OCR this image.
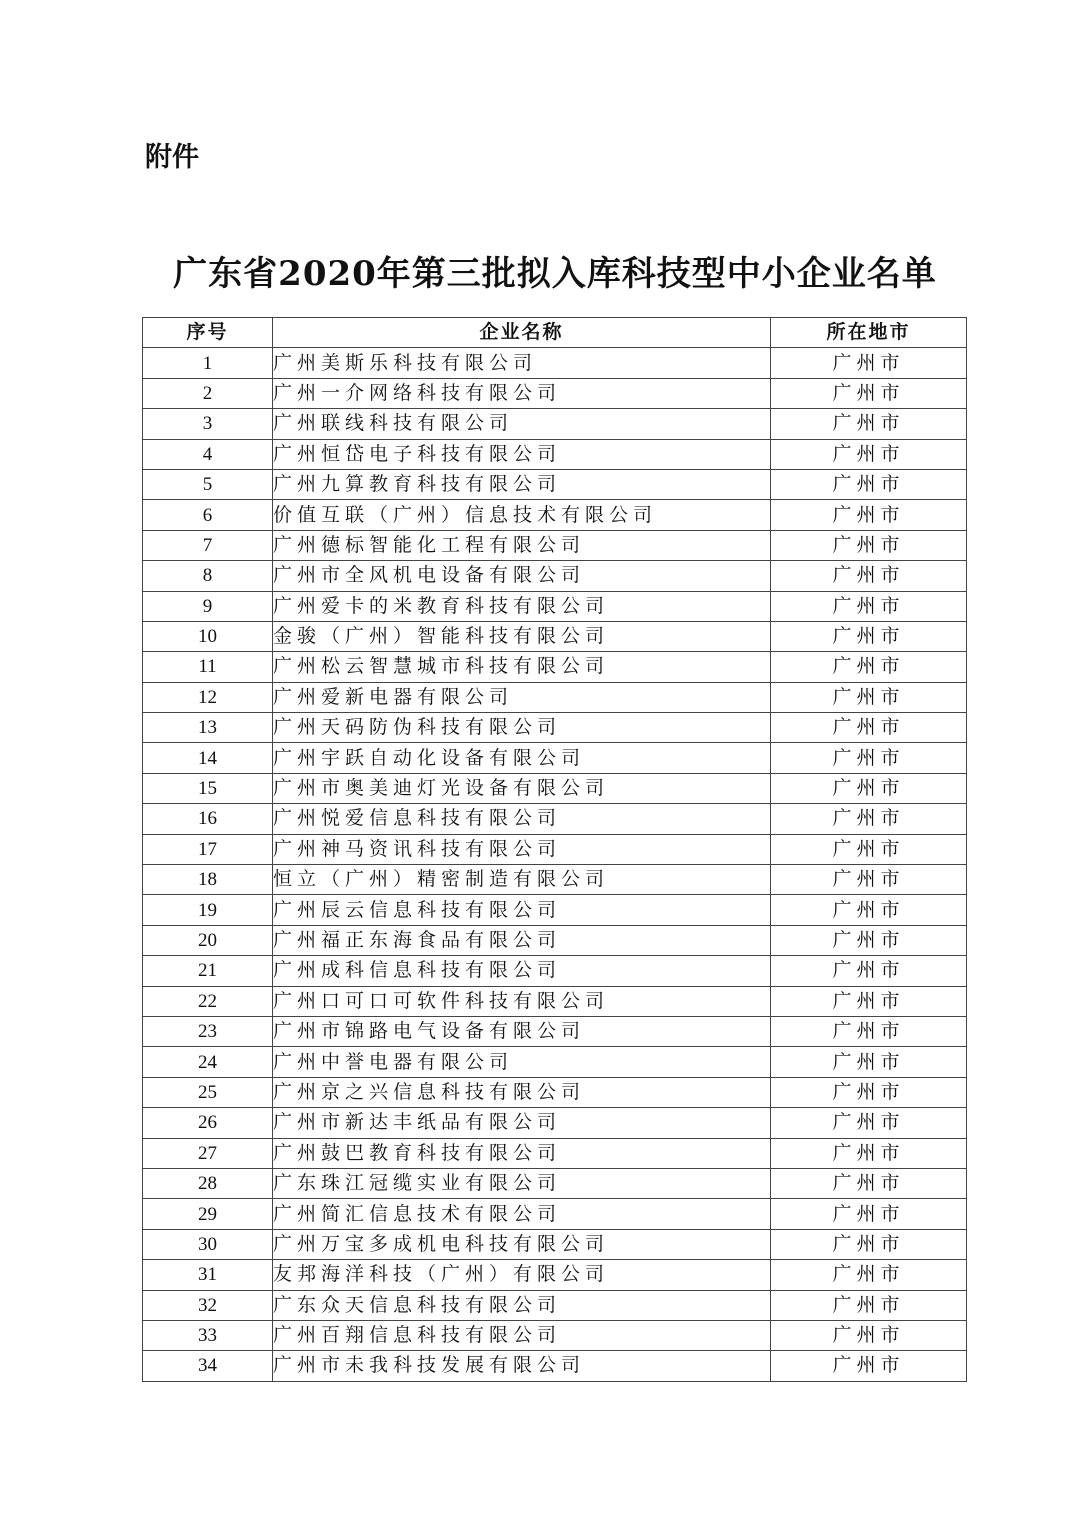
附件
广东省2020年第三批拟入库科技型中小企业名单
序号	企业名称	所在地市
1	广州美斯乐科技有限公司	广州市
2	广州一介网络科技有限公司	广州市
3	广州联线科技有限公司	广州市
4	广州恒岱电子科技有限公司	广州市
5	广州九算教育科技有限公司	广州市
6	价值互联（广州）信息技术有限公司	广州市
7	广州德标智能化工程有限公司	广州市
8	广州市全风机电设备有限公司	广州市
9	广州爱卡的米教育科技有限公司	广州市
10	金骏（广州）智能科技有限公司	广州市
11	广州松云智慧城市科技有限公司	广州市
12	广州爱新电器有限公司	广州市
13	广州天码防伪科技有限公司	广州市
14	广州宇跃自动化设备有限公司	广州市
15	广州市奥美迪灯光设备有限公司	广州市
16	广州悦爱信息科技有限公司	广州市
17	广州神马资讯科技有限公司	广州市
18	恒立（广州）精密制造有限公司	广州市
19	广州辰云信息科技有限公司	广州市
20	广州福正东海食品有限公司	广州市
21	广州成科信息科技有限公司	广州市
22	广州口可口可软件科技有限公司	广州市
23	广州市锦路电气设备有限公司	广州市
24	广州中誉电器有限公司	广州市
25	广州京之兴信息科技有限公司	广州市
26	广州市新达丰纸品有限公司	广州市
27	广州鼓巴教育科技有限公司	广州市
28	广东珠江冠缆实业有限公司	广州市
29	广州简汇信息技术有限公司	广州市
30	广州万宝多成机电科技有限公司	广州市
31	友邦海洋科技（广州）有限公司	广州市
32	广东众天信息科技有限公司	广州市
33	广州百翔信息科技有限公司	广州市
34	广州市未我科技发展有限公司	广州市
